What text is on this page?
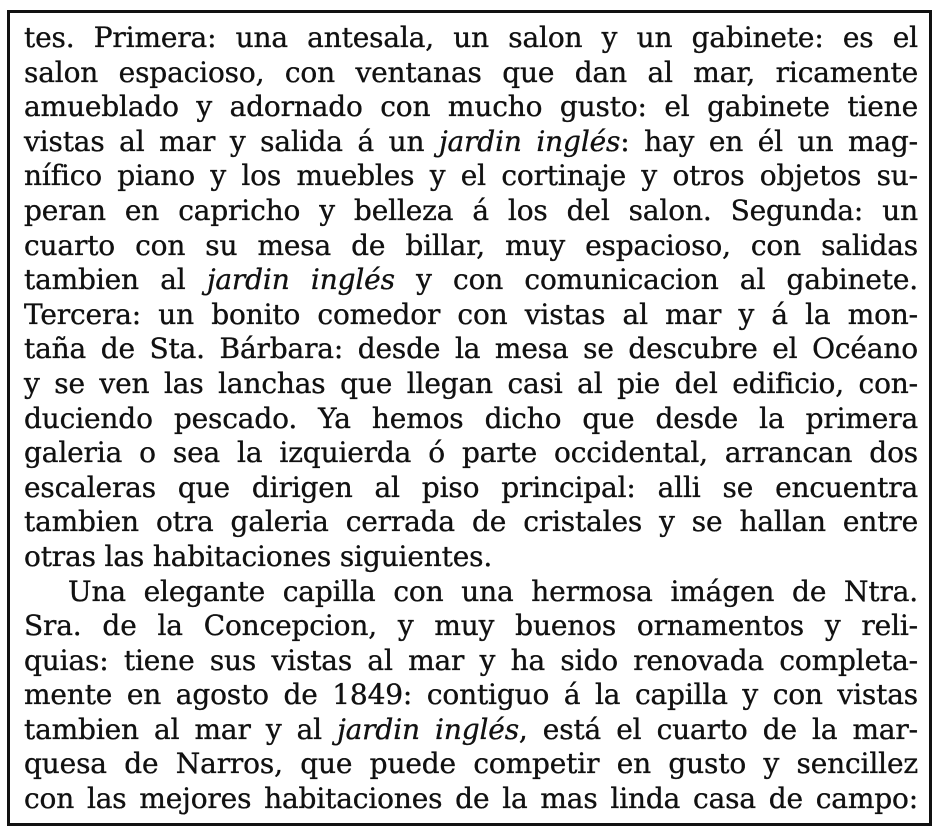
tes. Primera: una antesala, un salon y un gabinete: es el
salon espacioso, con ventanas que dan al mar, ricamente
amueblado y adornado con mucho gusto: el gabinete tiene
vistas al mar y salida á un jardin inglés: hay en él un mag-
nífico piano y los muebles y el cortinaje y otros objetos su-
peran en capricho y belleza á los del salon. Segunda: un
cuarto con su mesa de billar, muy espacioso, con salidas
tambien al jardin inglés y con comunicacion al gabinete.
Tercera: un bonito comedor con vistas al mar y á la mon-
taña de Sta. Bárbara: desde la mesa se descubre el Océano
y se ven las lanchas que llegan casi al pie del edificio, con-
duciendo pescado. Ya hemos dicho que desde la primera
galeria o sea la izquierda ó parte occidental, arrancan dos
escaleras que dirigen al piso principal: alli se encuentra
tambien otra galeria cerrada de cristales y se hallan entre
otras las habitaciones siguientes.
Una elegante capilla con una hermosa imágen de Ntra.
Sra. de la Concepcion, y muy buenos ornamentos y reli-
quias: tiene sus vistas al mar y ha sido renovada completa-
mente en agosto de 1849: contiguo á la capilla y con vistas
tambien al mar y al jardin inglés, está el cuarto de la mar-
quesa de Narros, que puede competir en gusto y sencillez
con las mejores habitaciones de la mas linda casa de campo:
